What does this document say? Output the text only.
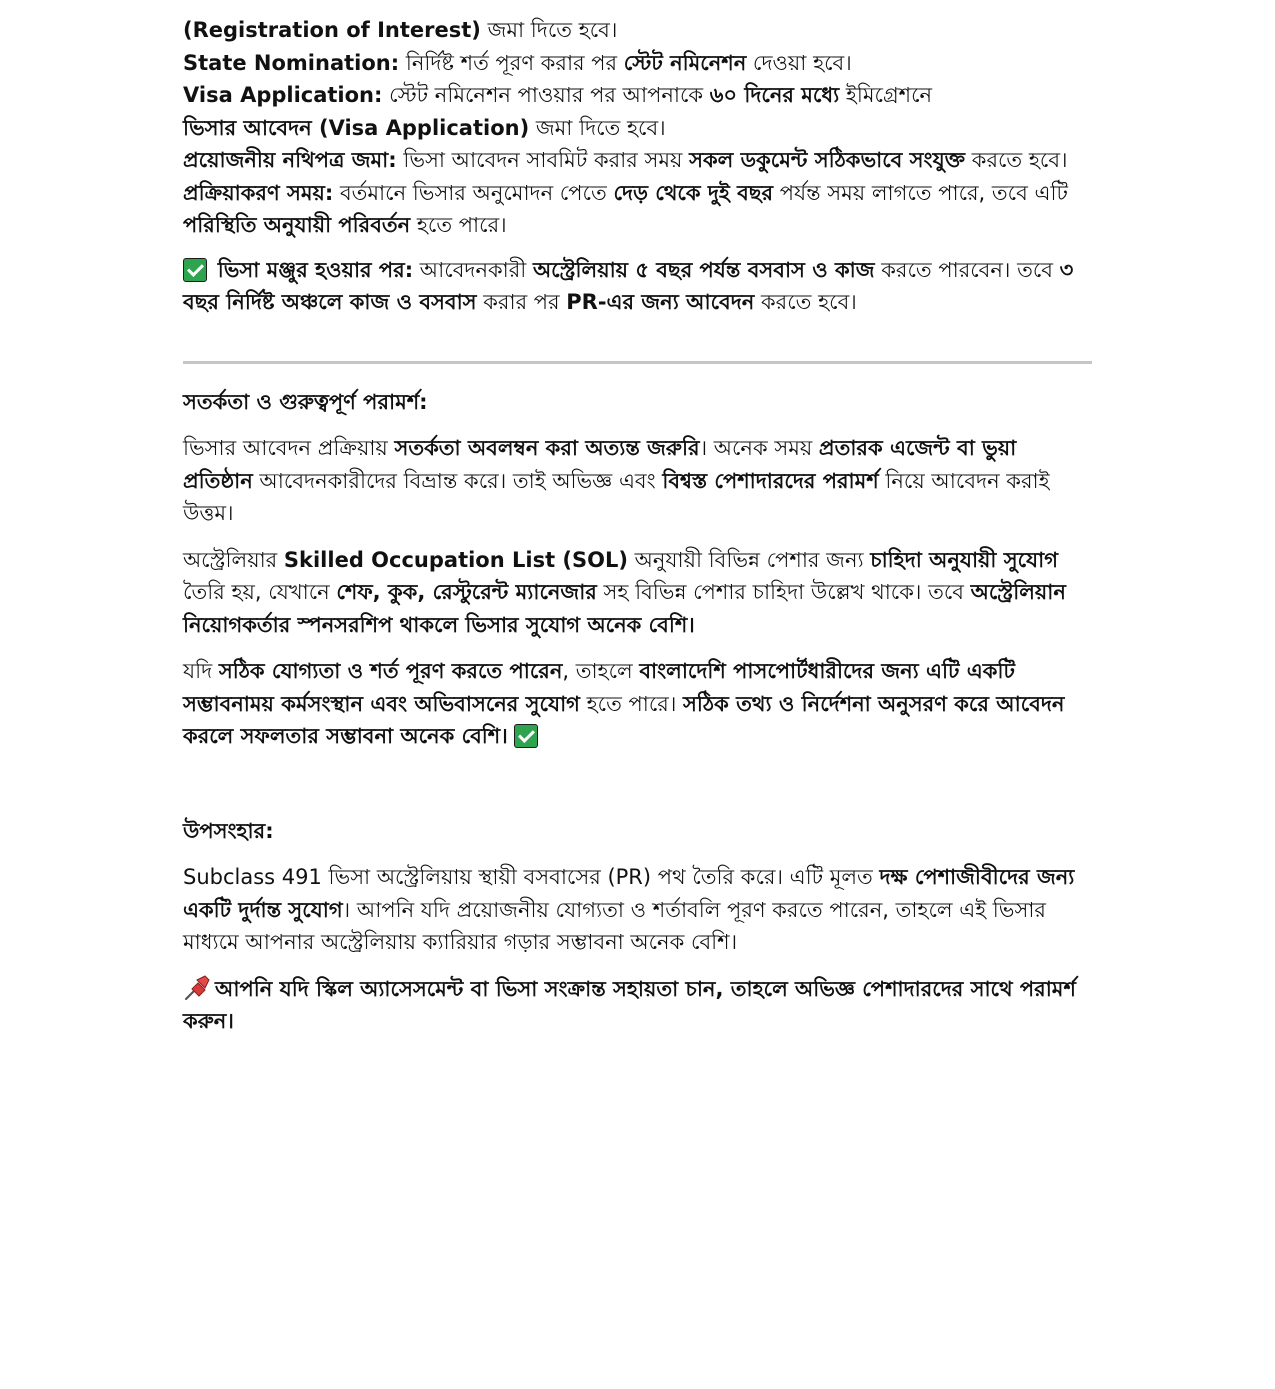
(Registration of Interest) জমা দিতে হবে।

State Nomination: নির্দিষ্ট শর্ত পূরণ করার পর স্টেট নমিনেশন দেওয়া হবে।

Visa Application: স্টেট নমিনেশন পাওয়ার পর আপনাকে ৬০ দিনের মধ্যে ইমিগ্রেশনে
ভিসার আবেদন (Visa Application) জমা দিতে হবে।

প্রয়োজনীয় নথিপত্র জমা: ভিসা আবেদন সাবমিট করার সময় সকল ডকুমেন্ট সঠিকভাবে সংযুক্ত করতে হবে।

প্রক্রিয়াকরণ সময়: বর্তমানে ভিসার অনুমোদন পেতে দেড় থেকে দুই বছর পর্যন্ত সময় লাগতে পারে, তবে এটি পরিস্থিতি অনুযায়ী পরিবর্তন হতে পারে।

ভিসা মঞ্জুর হওয়ার পর: আবেদনকারী অস্ট্রেলিয়ায় ৫ বছর পর্যন্ত বসবাস ও কাজ করতে পারবেন। তবে ৩ বছর নির্দিষ্ট অঞ্চলে কাজ ও বসবাস করার পর PR-এর জন্য আবেদন করতে হবে।

সতর্কতা ও গুরুত্বপূর্ণ পরামর্শ:

ভিসার আবেদন প্রক্রিয়ায় সতর্কতা অবলম্বন করা অত্যন্ত জরুরি। অনেক সময় প্রতারক এজেন্ট বা ভুয়া প্রতিষ্ঠান আবেদনকারীদের বিভ্রান্ত করে। তাই অভিজ্ঞ এবং বিশ্বস্ত পেশাদারদের পরামর্শ নিয়ে আবেদন করাই উত্তম।

অস্ট্রেলিয়ার Skilled Occupation List (SOL) অনুযায়ী বিভিন্ন পেশার জন্য চাহিদা অনুযায়ী সুযোগ তৈরি হয়, যেখানে শেফ, কুক, রেস্টুরেন্ট ম্যানেজার সহ বিভিন্ন পেশার চাহিদা উল্লেখ থাকে। তবে অস্ট্রেলিয়ান নিয়োগকর্তার স্পনসরশিপ থাকলে ভিসার সুযোগ অনেক বেশি।

যদি সঠিক যোগ্যতা ও শর্ত পূরণ করতে পারেন, তাহলে বাংলাদেশি পাসপোর্টধারীদের জন্য এটি একটি সম্ভাবনাময় কর্মসংস্থান এবং অভিবাসনের সুযোগ হতে পারে। সঠিক তথ্য ও নির্দেশনা অনুসরণ করে আবেদন করলে সফলতার সম্ভাবনা অনেক বেশি।

উপসংহার:

Subclass 491 ভিসা অস্ট্রেলিয়ায় স্থায়ী বসবাসের (PR) পথ তৈরি করে। এটি মূলত দক্ষ পেশাজীবীদের জন্য একটি দুর্দান্ত সুযোগ। আপনি যদি প্রয়োজনীয় যোগ্যতা ও শর্তাবলি পূরণ করতে পারেন, তাহলে এই ভিসার মাধ্যমে আপনার অস্ট্রেলিয়ায় ক্যারিয়ার গড়ার সম্ভাবনা অনেক বেশি।

আপনি যদি স্কিল অ্যাসেসমেন্ট বা ভিসা সংক্রান্ত সহায়তা চান, তাহলে অভিজ্ঞ পেশাদারদের সাথে পরামর্শ করুন।
